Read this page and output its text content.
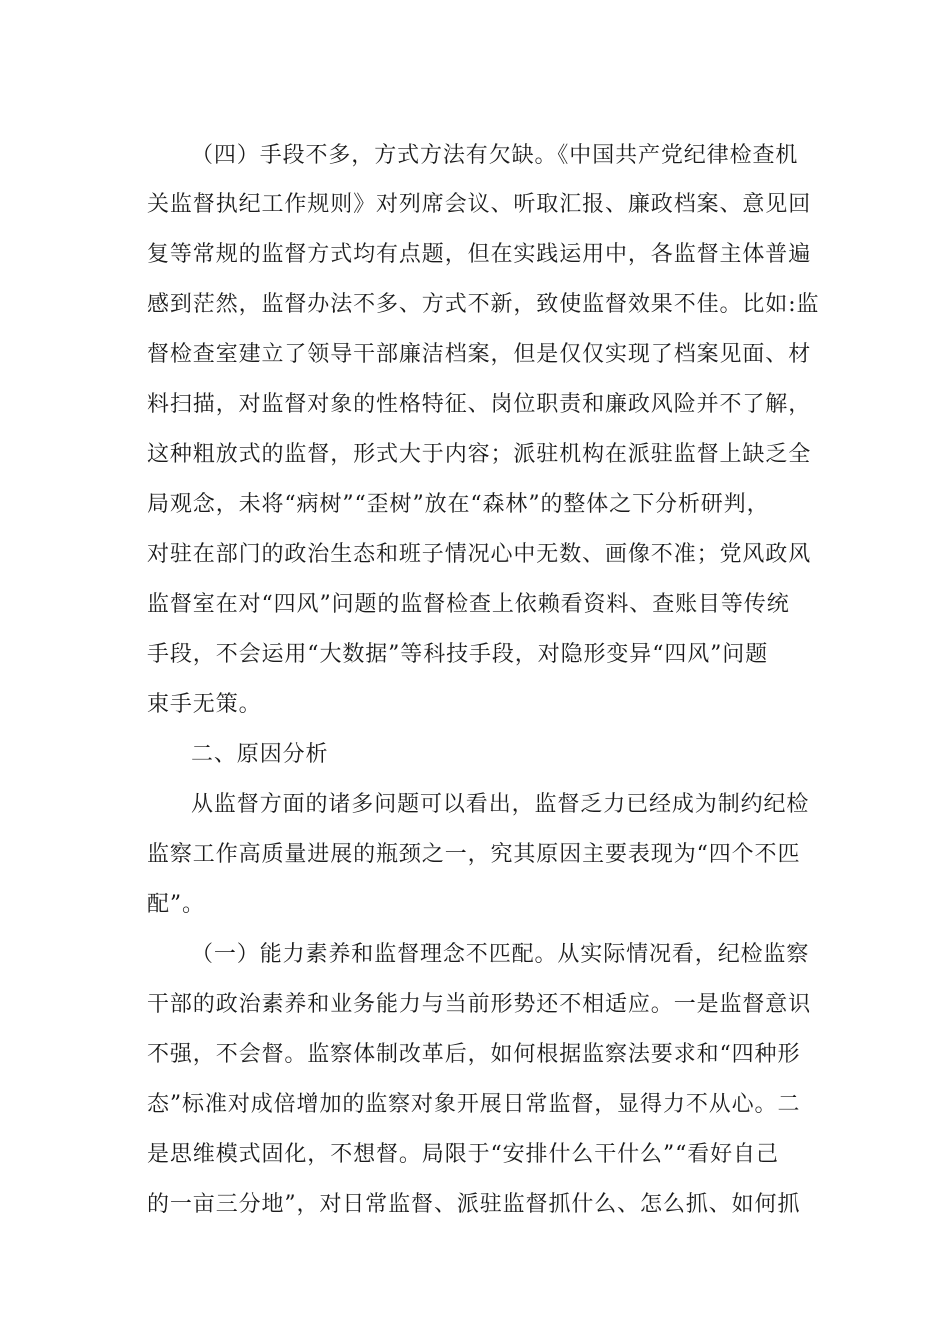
（四）手段不多，方式方法有欠缺。《中国共产党纪律检查机
关监督执纪工作规则》对列席会议、听取汇报、廉政档案、意见回
复等常规的监督方式均有点题，但在实践运用中，各监督主体普遍
感到茫然，监督办法不多、方式不新，致使监督效果不佳。比如:监
督检查室建立了领导干部廉洁档案，但是仅仅实现了档案见面、材
料扫描，对监督对象的性格特征、岗位职责和廉政风险并不了解，
这种粗放式的监督，形式大于内容；派驻机构在派驻监督上缺乏全
局观念，未将“病树”“歪树”放在“森林”的整体之下分析研判，
对驻在部门的政治生态和班子情况心中无数、画像不准；党风政风
监督室在对“四风”问题的监督检查上依赖看资料、查账目等传统
手段，不会运用“大数据”等科技手段，对隐形变异“四风”问题
束手无策。
二、原因分析
从监督方面的诸多问题可以看出，监督乏力已经成为制约纪检
监察工作高质量进展的瓶颈之一，究其原因主要表现为“四个不匹
配”。
（一）能力素养和监督理念不匹配。从实际情况看，纪检监察
干部的政治素养和业务能力与当前形势还不相适应。一是监督意识
不强，不会督。监察体制改革后，如何根据监察法要求和“四种形
态”标准对成倍增加的监察对象开展日常监督，显得力不从心。二
是思维模式固化，不想督。局限于“安排什么干什么”“看好自己
的一亩三分地”，对日常监督、派驻监督抓什么、怎么抓、如何抓
